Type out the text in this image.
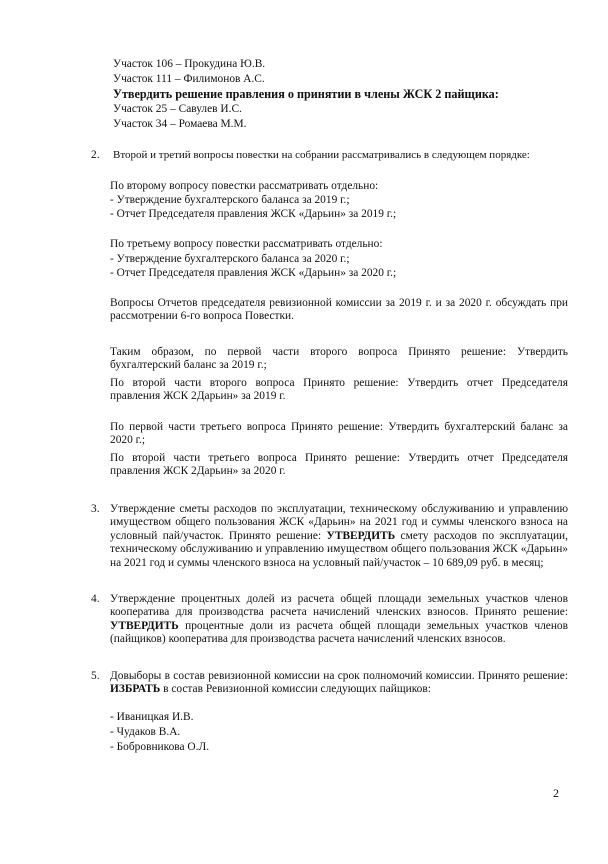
Участок 106 – Прокудина Ю.В.
Участок 111 – Филимонов А.С.
Утвердить решение правления о принятии в члены ЖСК 2 пайщика:
Участок 25 – Савулев И.С.
Участок 34 – Ромаева М.М.
2. Второй и третий вопросы повестки на собрании рассматривались в следующем порядке:
По второму вопросу повестки рассматривать отдельно:
- Утверждение бухгалтерского баланса за 2019 г.;
- Отчет Председателя правления ЖСК «Дарьин» за 2019 г.;
По третьему вопросу повестки рассматривать отдельно:
- Утверждение бухгалтерского баланса за 2020 г.;
- Отчет Председателя правления ЖСК «Дарьин» за 2020 г.;
Вопросы Отчетов председателя ревизионной комиссии за 2019 г. и за 2020 г. обсуждать при рассмотрении 6-го вопроса Повестки.
Таким образом, по первой части второго вопроса Принято решение: Утвердить бухгалтерский баланс за 2019 г.;
По второй части второго вопроса Принято решение: Утвердить отчет Председателя правления ЖСК 2Дарьин» за 2019 г.
По первой части третьего вопроса Принято решение: Утвердить бухгалтерский баланс за 2020 г.;
По второй части третьего вопроса Принято решение: Утвердить отчет Председателя правления ЖСК 2Дарьин» за 2020 г.
3. Утверждение сметы расходов по эксплуатации, техническому обслуживанию и управлению имуществом общего пользования ЖСК «Дарьин» на 2021 год и суммы членского взноса на условный пай/участок. Принято решение: УТВЕРДИТЬ смету расходов по эксплуатации, техническому обслуживанию и управлению имуществом общего пользования ЖСК «Дарьин» на 2021 год и суммы членского взноса на условный пай/участок – 10 689,09 руб. в месяц;
4. Утверждение процентных долей из расчета общей площади земельных участков членов кооператива для производства расчета начислений членских взносов. Принято решение: УТВЕРДИТЬ процентные доли из расчета общей площади земельных участков членов (пайщиков) кооператива для производства расчета начислений членских взносов.
5. Довыборы в состав ревизионной комиссии на срок полномочий комиссии. Принято решение: ИЗБРАТЬ в состав Ревизионной комиссии следующих пайщиков:
- Иваницкая И.В.
- Чудаков В.А.
- Бобровникова О.Л.
2
